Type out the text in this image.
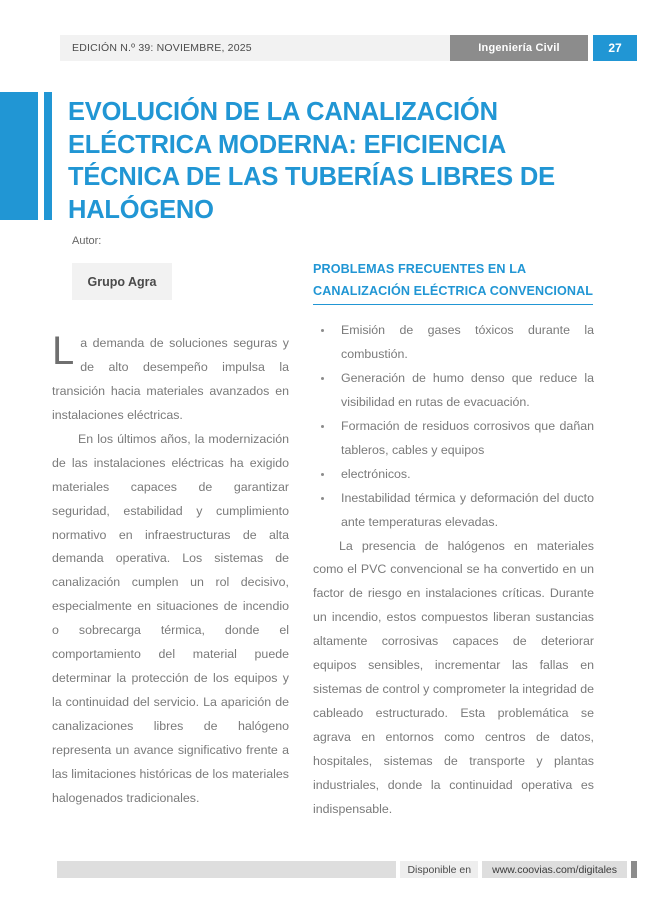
EDICIÓN N.º 39: NOVIEMBRE, 2025	Ingeniería Civil	27
EVOLUCIÓN DE LA CANALIZACIÓN ELÉCTRICA MODERNA: EFICIENCIA TÉCNICA DE LAS TUBERÍAS LIBRES DE HALÓGENO
Autor:
Grupo Agra

La demanda de soluciones seguras y de alto desempeño impulsa la transición hacia materiales avanzados en instalaciones eléctricas.

En los últimos años, la modernización de las instalaciones eléctricas ha exigido materiales capaces de garantizar seguridad, estabilidad y cumplimiento normativo en infraestructuras de alta demanda operativa. Los sistemas de canalización cumplen un rol decisivo, especialmente en situaciones de incendio o sobrecarga térmica, donde el comportamiento del material puede determinar la protección de los equipos y la continuidad del servicio. La aparición de canalizaciones libres de halógeno representa un avance significativo frente a las limitaciones históricas de los materiales halogenados tradicionales.

PROBLEMAS FRECUENTES EN LA
CANALIZACIÓN ELÉCTRICA CONVENCIONAL
Emisión de gases tóxicos durante la combustión.
Generación de humo denso que reduce la visibilidad en rutas de evacuación.
Formación de residuos corrosivos que dañan tableros, cables y equipos
electrónicos.
Inestabilidad térmica y deformación del ducto ante temperaturas elevadas.

La presencia de halógenos en materiales como el PVC convencional se ha convertido en un factor de riesgo en instalaciones críticas. Durante un incendio, estos compuestos liberan sustancias altamente corrosivas capaces de deteriorar equipos sensibles, incrementar las fallas en sistemas de control y comprometer la integridad de cableado estructurado. Esta problemática se agrava en entornos como centros de datos, hospitales, sistemas de transporte y plantas industriales, donde la continuidad operativa es indispensable.

Disponible en	www.coovias.com/digitales
